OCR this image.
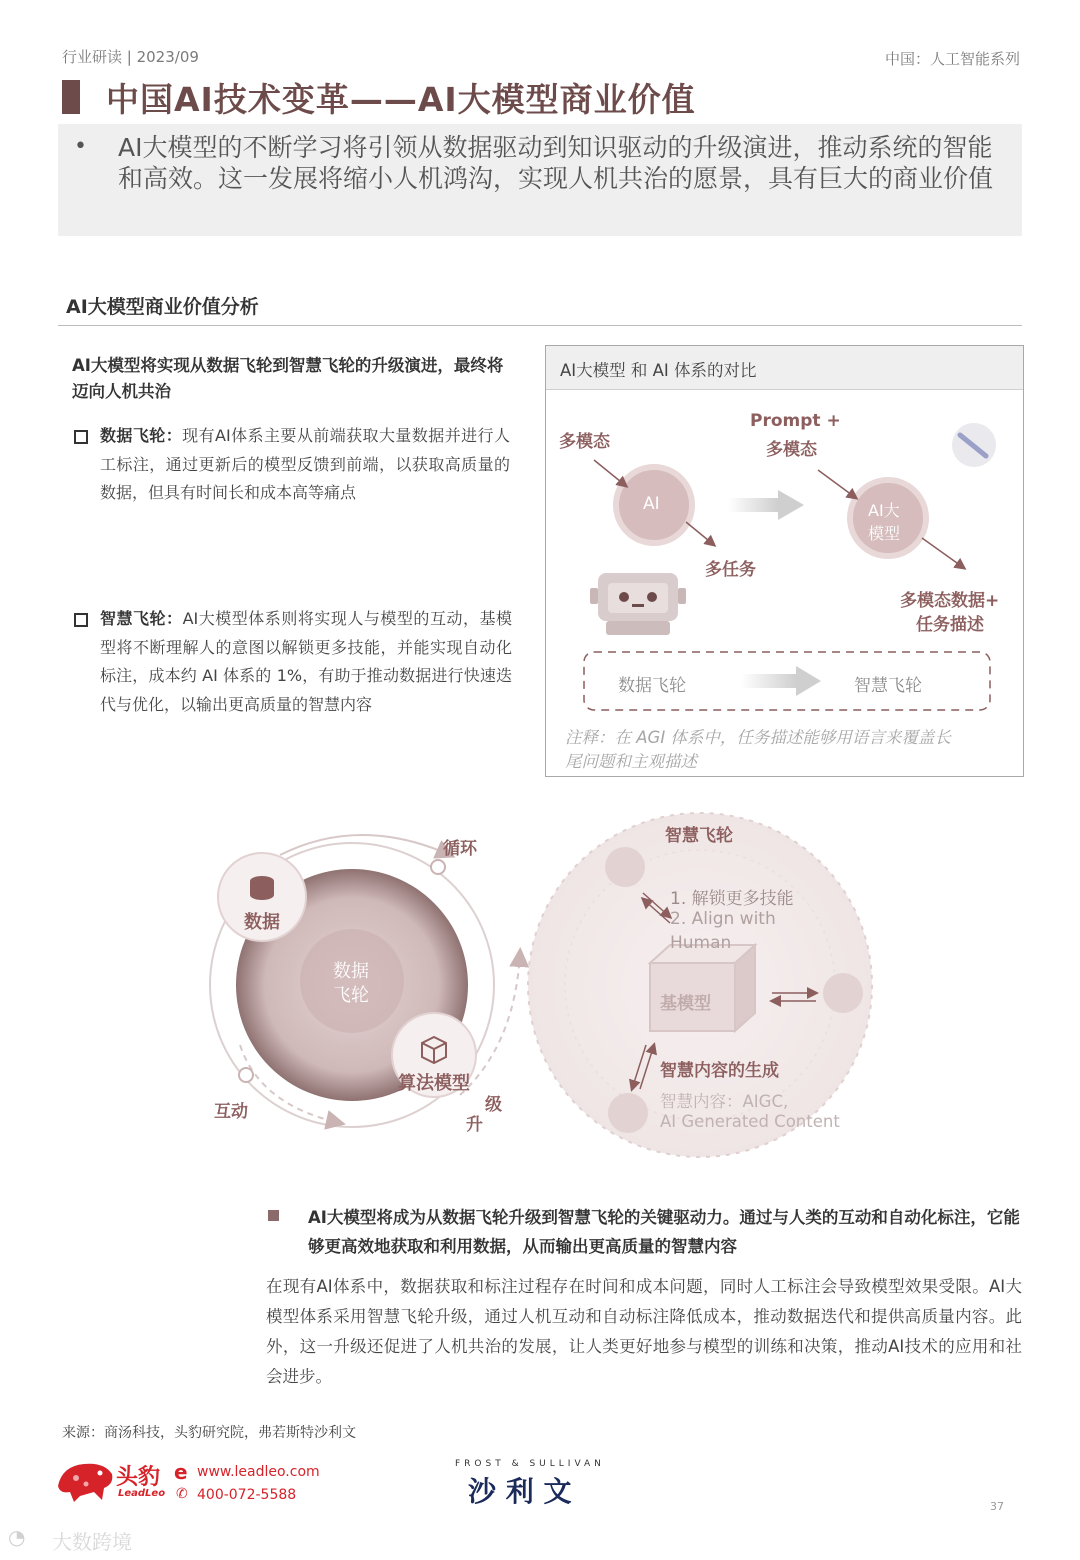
行业研读 | 2023/09	中国：人工智能系列
中国AI技术变革——AI大模型商业价值
• AI大模型的不断学习将引领从数据驱动到知识驱动的升级演进，推动系统的智能和高效。这一发展将缩小人机鸿沟，实现人机共治的愿景，具有巨大的商业价值
AI大模型商业价值分析
AI大模型将实现从数据飞轮到智慧飞轮的升级演进，最终将迈向人机共治
数据飞轮：现有AI体系主要从前端获取大量数据并进行人工标注，通过更新后的模型反馈到前端，以获取高质量的数据，但具有时间长和成本高等痛点
智慧飞轮：AI大模型体系则将实现人与模型的互动，基模型将不断理解人的意图以解锁更多技能，并能实现自动化标注，成本约 AI 体系的 1%，有助于推动数据进行快速迭代与优化，以输出更高质量的智慧内容
AI大模型 和 AI 体系的对比
多模态
AI
多任务
Prompt +
多模态
AI大
模型
多模态数据+
任务描述
数据飞轮	智慧飞轮
注释：在 AGI 体系中，任务描述能够用语言来覆盖长尾问题和主观描述
循环
数据
数据
飞轮
算法模型
互动	级
升
智慧飞轮
1. 解锁更多技能
2. Align with
Human
基模型
智慧内容的生成
智慧内容：AIGC,
AI Generated Content
AI大模型将成为从数据飞轮升级到智慧飞轮的关键驱动力。通过与人类的互动和自动化标注，它能够更高效地获取和利用数据，从而输出更高质量的智慧内容
在现有AI体系中，数据获取和标注过程存在时间和成本问题，同时人工标注会导致模型效果受限。AI大模型体系采用智慧飞轮升级，通过人机互动和自动标注降低成本，推动数据迭代和提供高质量内容。此外，这一升级还促进了人机共治的发展，让人类更好地参与模型的训练和决策，推动AI技术的应用和社会进步。
来源：商汤科技，头豹研究院，弗若斯特沙利文
头豹
LeadLeo
e
✆
www.leadleo.com
400-072-5588
FROST & SULLIVAN
沙 利 文	37
◔ 大数跨境
